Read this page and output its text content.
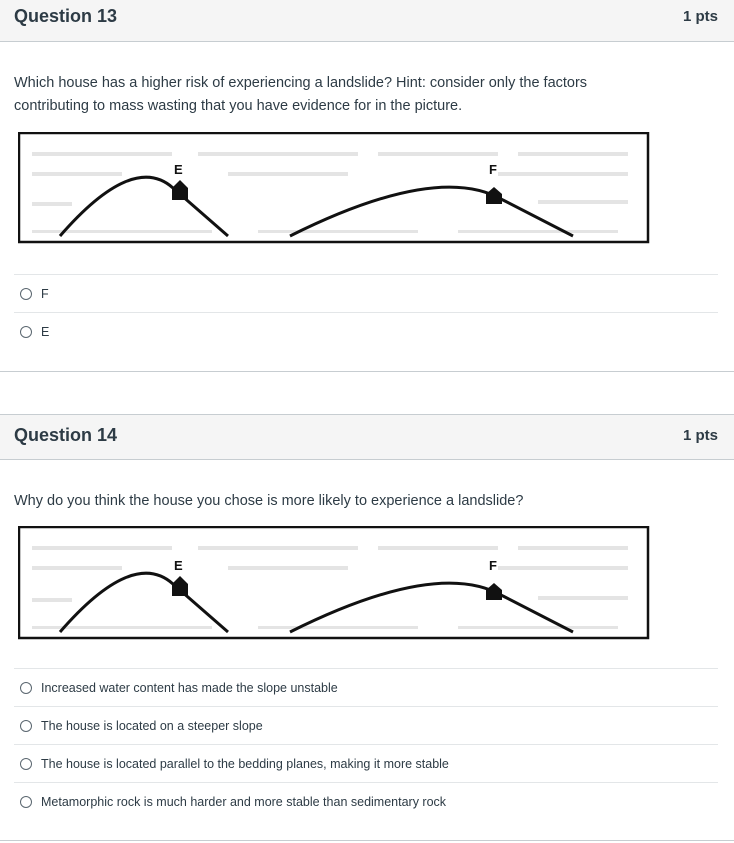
Question 13	1 pts
Which house has a higher risk of experiencing a landslide? Hint: consider only the factors
contributing to mass wasting that you have evidence for in the picture.
E	F
F
E
Question 14	1 pts
Why do you think the house you chose is more likely to experience a landslide?
E	F
Increased water content has made the slope unstable
The house is located on a steeper slope
The house is located parallel to the bedding planes, making it more stable
Metamorphic rock is much harder and more stable than sedimentary rock
